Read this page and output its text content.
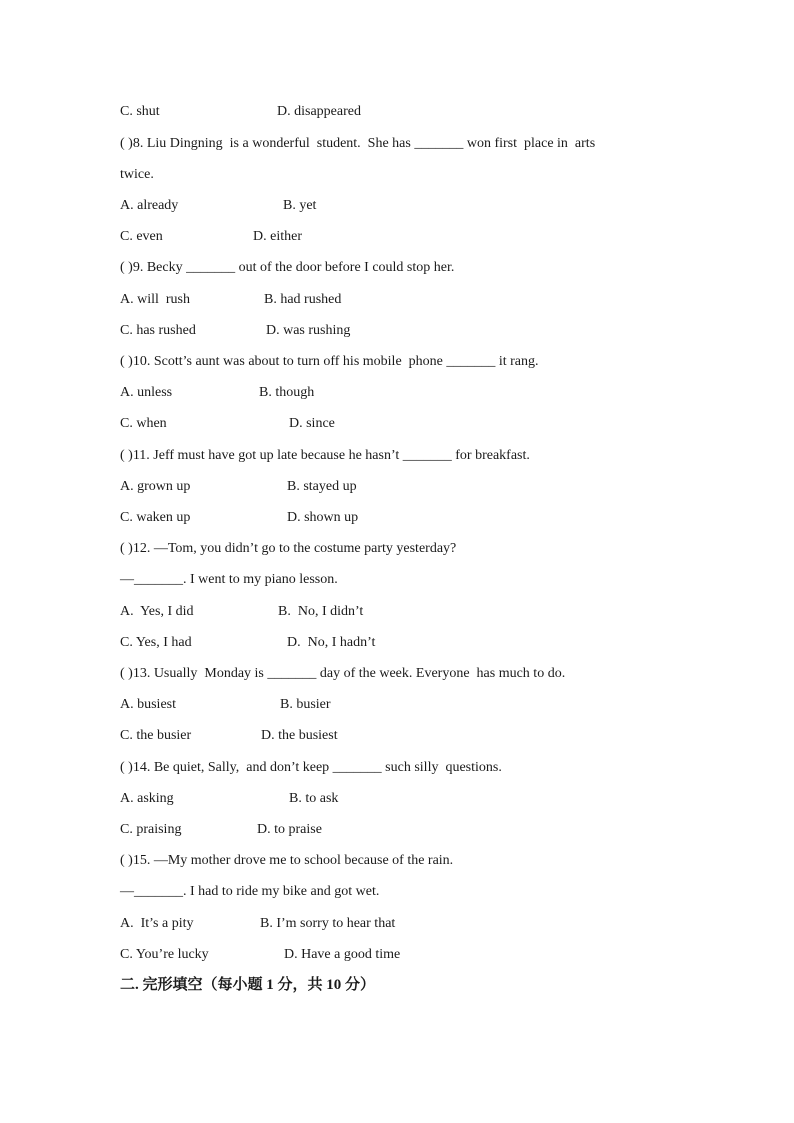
C. shut	D. disappeared
( )8. Liu Dingning  is a wonderful  student.  She has _______ won first  place in  arts
twice.
A. already	B. yet
C. even	D. either
( )9. Becky _______ out of the door before I could stop her.
A. will  rush	B. had rushed
C. has rushed	D. was rushing
( )10. Scott’s aunt was about to turn off his mobile  phone _______ it rang.
A. unless	B. though
C. when	D. since
( )11. Jeff must have got up late because he hasn’t _______ for breakfast.
A. grown up	B. stayed up
C. waken up	D. shown up
( )12. —Tom, you didn’t go to the costume party yesterday?
—_______. I went to my piano lesson.
A.  Yes, I did	B.  No, I didn’t
C. Yes, I had	D.  No, I hadn’t
( )13. Usually  Monday is _______ day of the week. Everyone  has much to do.
A. busiest	B. busier
C. the busier	D. the busiest
( )14. Be quiet, Sally,  and don’t keep _______ such silly  questions.
A. asking	B. to ask
C. praising	D. to praise
( )15. —My mother drove me to school because of the rain.
—_______. I had to ride my bike and got wet.
A.  It’s a pity	B. I’m sorry to hear that
C. You’re lucky	D. Have a good time
二. 完形填空（每小题 1 分，共 10 分）
